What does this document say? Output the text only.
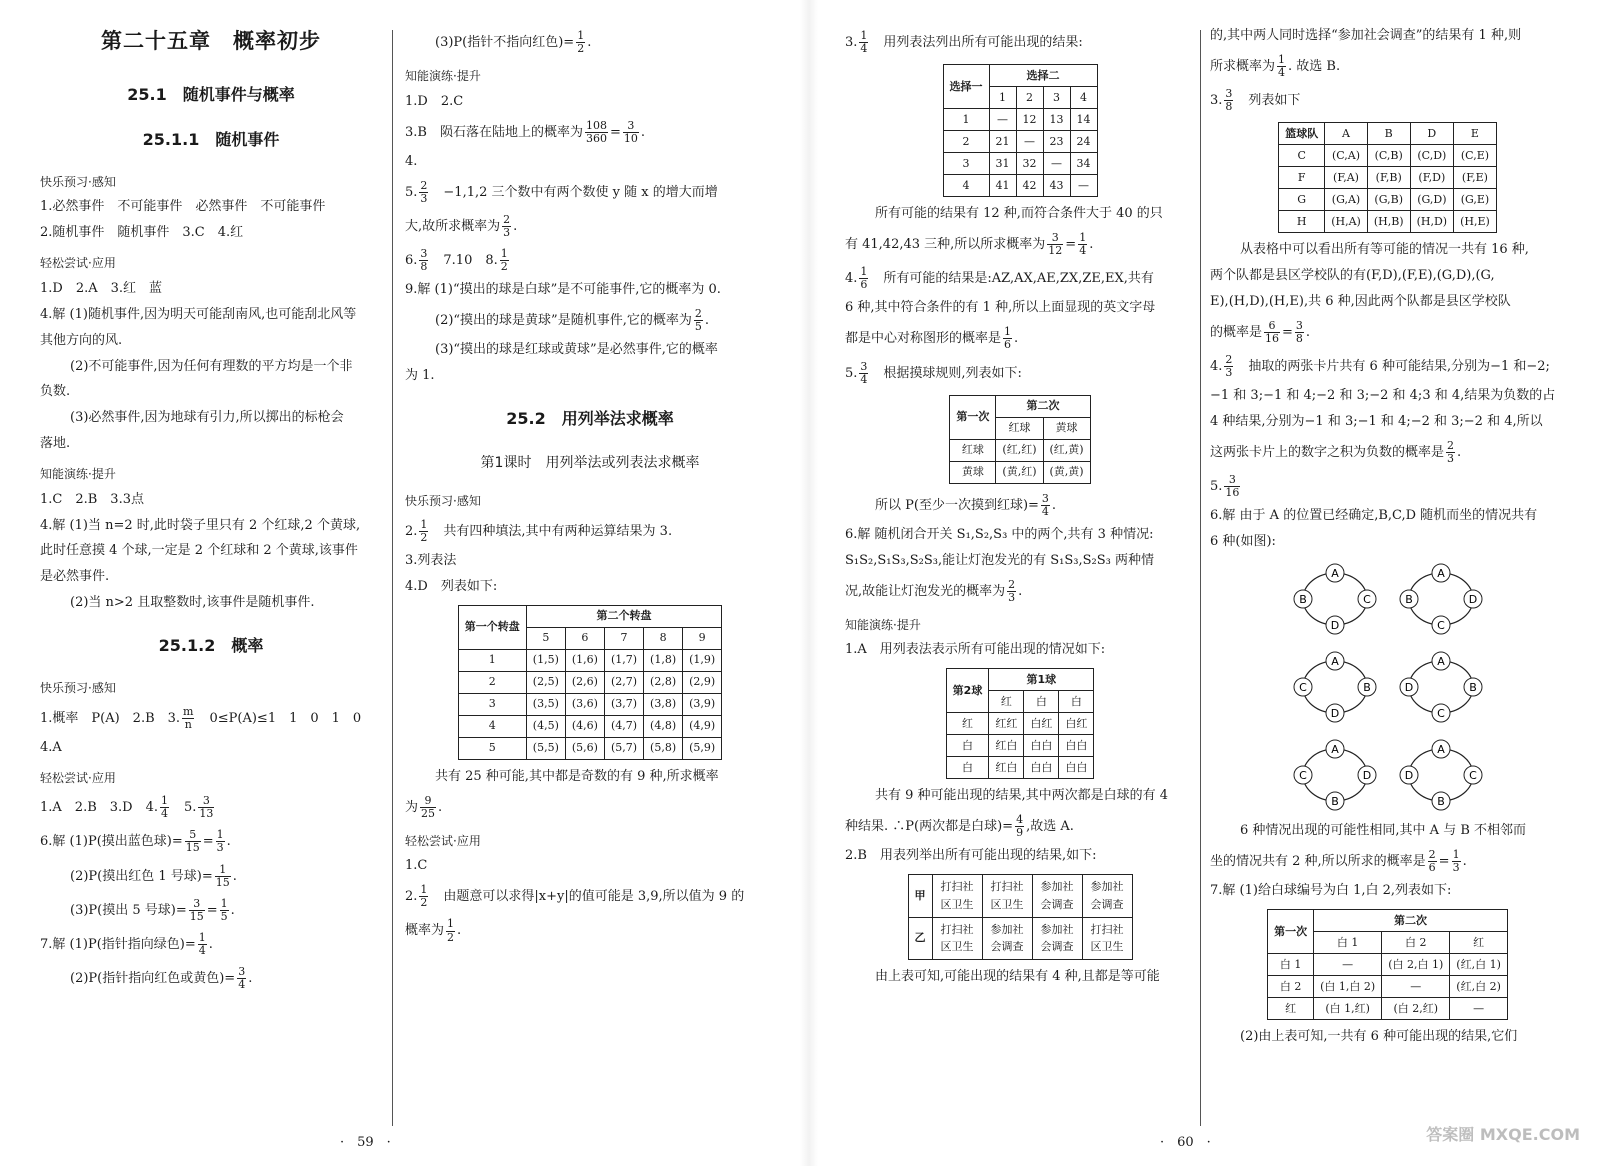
第二十五章　概率初步
25.1　随机事件与概率
25.1.1　随机事件
快乐预习·感知
1.必然事件　不可能事件　必然事件　不可能事件
2.随机事件　随机事件　3.C　4.红
轻松尝试·应用
1.D　2.A　3.红　蓝
4.解 (1)随机事件,因为明天可能刮南风,也可能刮北风等
其他方向的风.
(2)不可能事件,因为任何有理数的平方均是一个非
负数.
(3)必然事件,因为地球有引力,所以掷出的标枪会
落地.
知能演练·提升
1.C　2.B　3.3点
4.解 (1)当 n=2 时,此时袋子里只有 2 个红球,2 个黄球,
此时任意摸 4 个球,一定是 2 个红球和 2 个黄球,该事件
是必然事件.
(2)当 n>2 且取整数时,该事件是随机事件.
25.1.2　概率
快乐预习·感知
1.概率　P(A)　2.B　3. $\frac{m}{n}$ 　0≤P(A)≤1　1　0　1　0
4.A
轻松尝试·应用
1.A　2.B　3.D　4. $\frac{1}{4}$ 　5. $\frac{3}{13}$
6.解 (1)P(摸出蓝色球)= $\frac{5}{15} = \frac{1}{3}$ .
(2)P(摸出红色 1 号球)= $\frac{1}{15}$ .
(3)P(摸出 5 号球)= $\frac{3}{15} = \frac{1}{5}$ .
7.解 (1)P(指针指向绿色)= $\frac{1}{4}$ .
(2)P(指针指向红色或黄色)= $\frac{3}{4}$ .
·　59　·
(3)P(指针不指向红色)= $\frac{1}{2}$ .
知能演练·提升
1.D　2.C
3.B　陨石落在陆地上的概率为 $\frac{108}{360} = \frac{3}{10}$ .
4.
5. $\frac{2}{3}$ 　−1,1,2 三个数中有两个数使 y 随 x 的增大而增
大,故所求概率为 $\frac{2}{3}$ .
6. $\frac{3}{8}$ 　7.10　8. $\frac{1}{2}$
9.解 (1)“摸出的球是白球”是不可能事件,它的概率为 0.
(2)“摸出的球是黄球”是随机事件,它的概率为 $\frac{2}{5}$ .
(3)“摸出的球是红球或黄球”是必然事件,它的概率
为 1.
25.2　用列举法求概率
第1课时　用列举法或列表法求概率
快乐预习·感知
2. $\frac{1}{2}$ 　共有四种填法,其中有两种运算结果为 3.
3.列表法
4.D　列表如下:
第一个转盘	第二个转盘				
	5	6	7	8	9
1	(1,5)	(1,6)	(1,7)	(1,8)	(1,9)
2	(2,5)	(2,6)	(2,7)	(2,8)	(2,9)
3	(3,5)	(3,6)	(3,7)	(3,8)	(3,9)
4	(4,5)	(4,6)	(4,7)	(4,8)	(4,9)
5	(5,5)	(5,6)	(5,7)	(5,8)	(5,9)
共有 25 种可能,其中都是奇数的有 9 种,所求概率
为 $\frac{9}{25}$ .
轻松尝试·应用
1.C
2. $\frac{1}{2}$ 　由题意可以求得|x+y|的值可能是 3,9,所以值为 9 的
概率为 $\frac{1}{2}$ .
3. $\frac{1}{4}$ 　用列表法列出所有可能出现的结果:
选择一	选择二			
	1	2	3	4
1	—	12	13	14
2	21	—	23	24
3	31	32	—	34
4	41	42	43	—
所有可能的结果有 12 种,而符合条件大于 40 的只
有 41,42,43 三种,所以所求概率为 $\frac{3}{12} = \frac{1}{4}$ .
4. $\frac{1}{6}$ 　所有可能的结果是:AZ,AX,AE,ZX,ZE,EX,共有
6 种,其中符合条件的有 1 种,所以上面显现的英文字母
都是中心对称图形的概率是 $\frac{1}{6}$ .
5. $\frac{3}{4}$ 　根据摸球规则,列表如下:
第一次	第二次	
	红球	黄球
红球	(红,红)	(红,黄)
黄球	(黄,红)	(黄,黄)
所以 P(至少一次摸到红球)= $\frac{3}{4}$ .
6.解 随机闭合开关 S₁,S₂,S₃ 中的两个,共有 3 种情况:
S₁S₂,S₁S₃,S₂S₃,能让灯泡发光的有 S₁S₃,S₂S₃ 两种情
况,故能让灯泡发光的概率为 $\frac{2}{3}$ .
知能演练·提升
1.A　用列表法表示所有可能出现的情况如下:
第2球	第1球		
	红	白	白
红	红红	白红	白红
白	红白	白白	白白
白	红白	白白	白白
共有 9 种可能出现的结果,其中两次都是白球的有 4
种结果. ∴P(两次都是白球)= $\frac{4}{9}$ ,故选 A.
2.B　用表列举出所有可能出现的结果,如下:
甲	打扫社区卫生	打扫社区卫生	参加社会调查	参加社会调查
乙	打扫社区卫生	参加社会调查	参加社会调查	打扫社区卫生
由上表可知,可能出现的结果有 4 种,且都是等可能
·　60　·
的,其中两人同时选择“参加社会调查”的结果有 1 种,则
所求概率为 $\frac{1}{4}$ . 故选 B.
3. $\frac{3}{8}$ 　列表如下
篮球队	A	B	D	E
C	(C,A)	(C,B)	(C,D)	(C,E)
F	(F,A)	(F,B)	(F,D)	(F,E)
G	(G,A)	(G,B)	(G,D)	(G,E)
H	(H,A)	(H,B)	(H,D)	(H,E)
从表格中可以看出所有等可能的情况一共有 16 种,
两个队都是县区学校队的有(F,D),(F,E),(G,D),(G,
E),(H,D),(H,E),共 6 种,因此两个队都是县区学校队
的概率是 $\frac{6}{16} = \frac{3}{8}$ .
4. $\frac{2}{3}$ 　抽取的两张卡片共有 6 种可能结果,分别为−1 和−2;
−1 和 3;−1 和 4;−2 和 3;−2 和 4;3 和 4,结果为负数的占
4 种结果,分别为−1 和 3;−1 和 4;−2 和 3;−2 和 4,所以
这两张卡片上的数字之积为负数的概率是 $\frac{2}{3}$ .
5. $\frac{3}{16}$
6.解 由于 A 的位置已经确定,B,C,D 随机而坐的情况共有
6 种(如图):
A
B	C
D
A
B	D
C
A
C	B
D
A
D	B
C
A
C	D
B
A
D	C
B
6 种情况出现的可能性相同,其中 A 与 B 不相邻而
坐的情况共有 2 种,所以所求的概率是 $\frac{2}{6} = \frac{1}{3}$ .
7.解 (1)给白球编号为白 1,白 2,列表如下:
第一次	第二次		
	白 1	白 2	红
白 1	—	(白 2,白 1)	(红,白 1)
白 2	(白 1,白 2)	—	(红,白 2)
红	(白 1,红)	(白 2,红)	—
(2)由上表可知,一共有 6 种可能出现的结果,它们
答案圈 MXQE.COM
